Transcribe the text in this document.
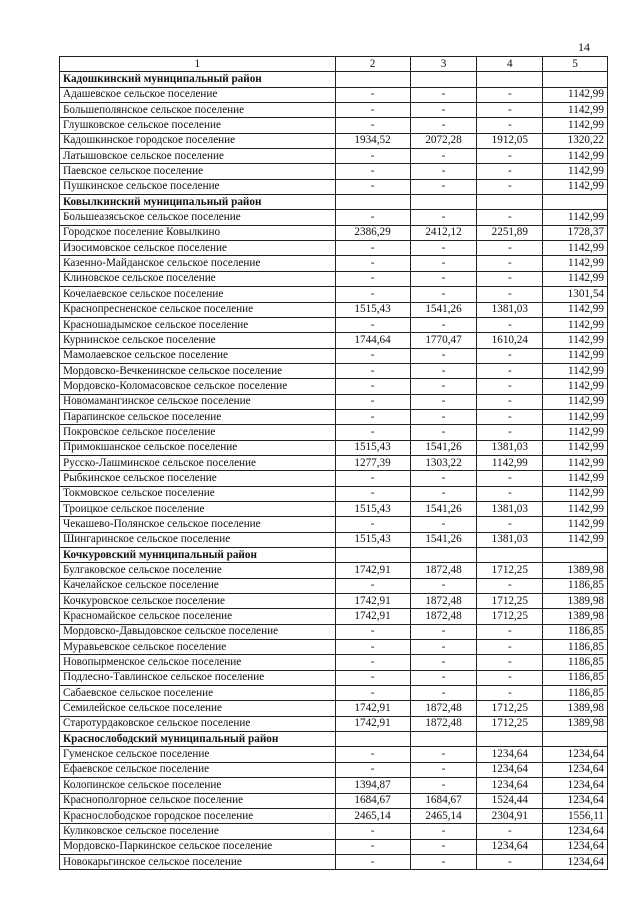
14
1	2	3	4	5
Кадошкинский муниципальный район				
Адашевское сельское поселение	-	-	-	1142,99
Большеполянское сельское поселение	-	-	-	1142,99
Глушковское сельское поселение	-	-	-	1142,99
Кадошкинское городское поселение	1934,52	2072,28	1912,05	1320,22
Латышовское сельское поселение	-	-	-	1142,99
Паевское сельское поселение	-	-	-	1142,99
Пушкинское сельское поселение	-	-	-	1142,99
Ковылкинский муниципальный район				
Большеазясьское сельское поселение	-	-	-	1142,99
Городское поселение Ковылкино	2386,29	2412,12	2251,89	1728,37
Изосимовское сельское поселение	-	-	-	1142,99
Казенно-Майданское сельское поселение	-	-	-	1142,99
Клиновское сельское поселение	-	-	-	1142,99
Кочелаевское сельское поселение	-	-	-	1301,54
Краснопресненское сельское поселение	1515,43	1541,26	1381,03	1142,99
Красношадымское сельское поселение	-	-	-	1142,99
Курнинское сельское поселение	1744,64	1770,47	1610,24	1142,99
Мамолаевское сельское поселение	-	-	-	1142,99
Мордовско-Вечкенинское сельское поселение	-	-	-	1142,99
Мордовско-Коломасовское сельское поселение	-	-	-	1142,99
Новомамангинское сельское поселение	-	-	-	1142,99
Парапинское сельское поселение	-	-	-	1142,99
Покровское сельское поселение	-	-	-	1142,99
Примокшанское сельское поселение	1515,43	1541,26	1381,03	1142,99
Русско-Лашминское сельское поселение	1277,39	1303,22	1142,99	1142,99
Рыбкинское сельское поселение	-	-	-	1142,99
Токмовское сельское поселение	-	-	-	1142,99
Троицкое сельское поселение	1515,43	1541,26	1381,03	1142,99
Чекашево-Полянское сельское поселение	-	-	-	1142,99
Шингаринское сельское поселение	1515,43	1541,26	1381,03	1142,99
Кочкуровский муниципальный район				
Булгаковское сельское поселение	1742,91	1872,48	1712,25	1389,98
Качелайское сельское поселение	-	-	-	1186,85
Кочкуровское сельское поселение	1742,91	1872,48	1712,25	1389,98
Красномайское сельское поселение	1742,91	1872,48	1712,25	1389,98
Мордовско-Давыдовское сельское поселение	-	-	-	1186,85
Муравьевское сельское поселение	-	-	-	1186,85
Новопырменское сельское поселение	-	-	-	1186,85
Подлесно-Тавлинское сельское поселение	-	-	-	1186,85
Сабаевское сельское поселение	-	-	-	1186,85
Семилейское сельское поселение	1742,91	1872,48	1712,25	1389,98
Старотурдаковское сельское поселение	1742,91	1872,48	1712,25	1389,98
Краснослободский муниципальный район				
Гуменское сельское поселение	-	-	1234,64	1234,64
Ефаевское сельское поселение	-	-	1234,64	1234,64
Колопинское сельское поселение	1394,87	-	1234,64	1234,64
Краснополгорное сельское поселение	1684,67	1684,67	1524,44	1234,64
Краснослободское городское поселение	2465,14	2465,14	2304,91	1556,11
Куликовское сельское поселение	-	-	-	1234,64
Мордовско-Паркинское сельское поселение	-	-	1234,64	1234,64
Новокарьгинское сельское поселение	-	-	-	1234,64
